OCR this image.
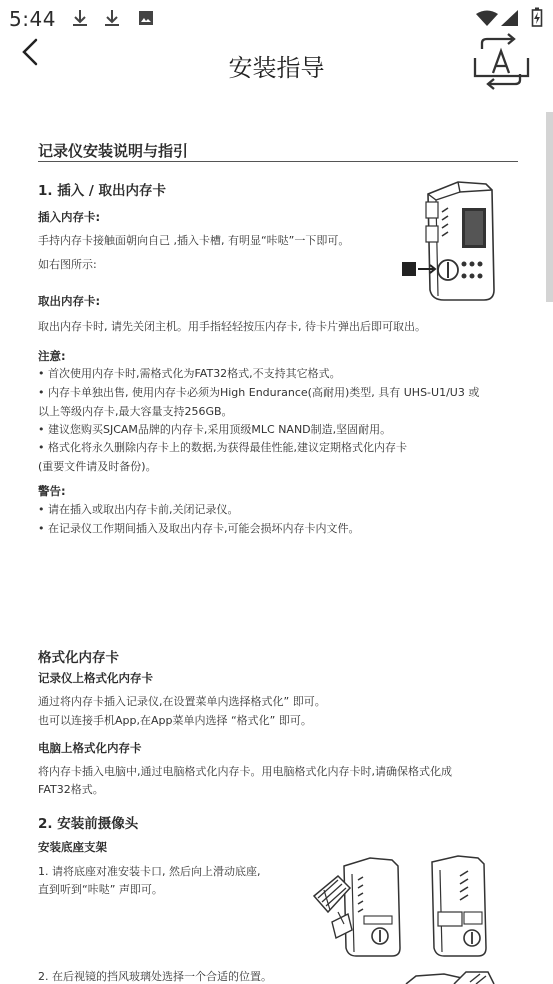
5:44
安装指导
记录仪安装说明与指引
1. 插入 / 取出内存卡
插入内存卡:
手持内存卡接触面朝向自己 ,插入卡槽, 有明显“咔哒”一下即可。
如右图所示:
取出内存卡:
取出内存卡时, 请先关闭主机。用手指轻轻按压内存卡, 待卡片弹出后即可取出。
注意:
• 首次使用内存卡时,需格式化为FAT32格式,不支持其它格式。
• 内存卡单独出售, 使用内存卡必须为High Endurance(高耐用)类型, 具有 UHS-U1/U3 或
以上等级内存卡,最大容量支持256GB。
• 建议您购买SJCAM品牌的内存卡,采用顶级MLC NAND制造,坚固耐用。
• 格式化将永久删除内存卡上的数据,为获得最佳性能,建议定期格式化内存卡
(重要文件请及时备份)。
警告:
• 请在插入或取出内存卡前,关闭记录仪。
• 在记录仪工作期间插入及取出内存卡,可能会损坏内存卡内文件。
格式化内存卡
记录仪上格式化内存卡
通过将内存卡插入记录仪,在设置菜单内选择格式化” 即可。
也可以连接手机App,在App菜单内选择 “格式化” 即可。
电脑上格式化内存卡
将内存卡插入电脑中,通过电脑格式化内存卡。用电脑格式化内存卡时,请确保格式化成
FAT32格式。
2. 安装前摄像头
安装底座支架
1. 请将底座对准安装卡口, 然后向上滑动底座,
直到听到“咔哒” 声即可。
2. 在后视镜的挡风玻璃处选择一个合适的位置。
